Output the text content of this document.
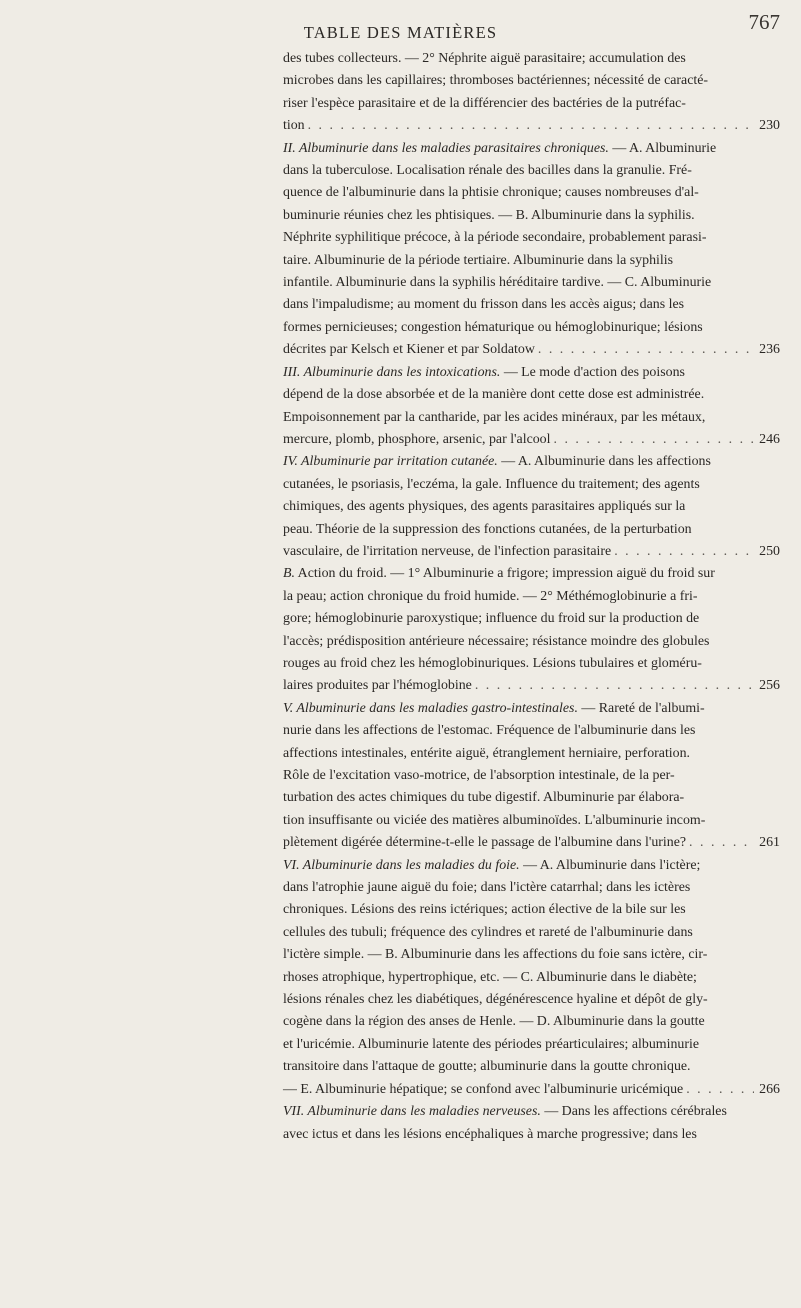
TABLE DES MATIÈRES	767
des tubes collecteurs. — 2° Néphrite aiguë parasitaire; accumulation des
microbes dans les capillaires; thromboses bactériennes; nécessité de caracté-
riser l'espèce parasitaire et de la différencier des bactéries de la putréfac-
tion . . .	230
II. Albuminurie dans les maladies parasitaires chroniques. — A. Albuminurie
dans la tuberculose. Localisation rénale des bacilles dans la granulie. Fré-
quence de l'albuminurie dans la phtisie chronique; causes nombreuses d'al-
buminurie réunies chez les phtisiques. — B. Albuminurie dans la syphilis.
Néphrite syphilitique précoce, à la période secondaire, probablement parasi-
taire. Albuminurie de la période tertiaire. Albuminurie dans la syphilis
infantile. Albuminurie dans la syphilis héréditaire tardive. — C. Albuminurie
dans l'impaludisme; au moment du frisson dans les accès aigus; dans les
formes pernicieuses; congestion hématurique ou hémoglobinurique; lésions
décrites par Kelsch et Kiener et par Soldatow . . .	236
III. Albuminurie dans les intoxications. — Le mode d'action des poisons
dépend de la dose absorbée et de la manière dont cette dose est administrée.
Empoisonnement par la cantharide, par les acides minéraux, par les métaux,
mercure, plomb, phosphore, arsenic, par l'alcool . . .	246
IV. Albuminurie par irritation cutanée. — A. Albuminurie dans les affections
cutanées, le psoriasis, l'eczéma, la gale. Influence du traitement; des agents
chimiques, des agents physiques, des agents parasitaires appliqués sur la
peau. Théorie de la suppression des fonctions cutanées, de la perturbation
vasculaire, de l'irritation nerveuse, de l'infection parasitaire . . .	250
B. Action du froid. — 1° Albuminurie a frigore; impression aiguë du froid sur
la peau; action chronique du froid humide. — 2° Méthémoglobinurie a fri-
gore; hémoglobinurie paroxystique; influence du froid sur la production de
l'accès; prédisposition antérieure nécessaire; résistance moindre des globules
rouges au froid chez les hémoglobinuriques. Lésions tubulaires et gloméru-
laires produites par l'hémoglobine . . .	256
V. Albuminurie dans les maladies gastro-intestinales. — Rareté de l'albumi-
nurie dans les affections de l'estomac. Fréquence de l'albuminurie dans les
affections intestinales, entérite aiguë, étranglement herniaire, perforation.
Rôle de l'excitation vaso-motrice, de l'absorption intestinale, de la per-
turbation des actes chimiques du tube digestif. Albuminurie par élabora-
tion insuffisante ou viciée des matières albuminoïdes. L'albuminurie incom-
plètement digérée détermine-t-elle le passage de l'albumine dans l'urine? . . .	261
VI. Albuminurie dans les maladies du foie. — A. Albuminurie dans l'ictère;
dans l'atrophie jaune aiguë du foie; dans l'ictère catarrhal; dans les ictères
chroniques. Lésions des reins ictériques; action élective de la bile sur les
cellules des tubuli; fréquence des cylindres et rareté de l'albuminurie dans
l'ictère simple. — B. Albuminurie dans les affections du foie sans ictère, cir-
rhoses atrophique, hypertrophique, etc. — C. Albuminurie dans le diabète;
lésions rénales chez les diabétiques, dégénérescence hyaline et dépôt de gly-
cogène dans la région des anses de Henle. — D. Albuminurie dans la goutte
et l'uricémie. Albuminurie latente des périodes préarticulaires; albuminurie
transitoire dans l'attaque de goutte; albuminurie dans la goutte chronique.
— E. Albuminurie hépatique; se confond avec l'albuminurie uricémique . . .	266
VII. Albuminurie dans les maladies nerveuses. — Dans les affections cérébrales
avec ictus et dans les lésions encéphaliques à marche progressive; dans les
